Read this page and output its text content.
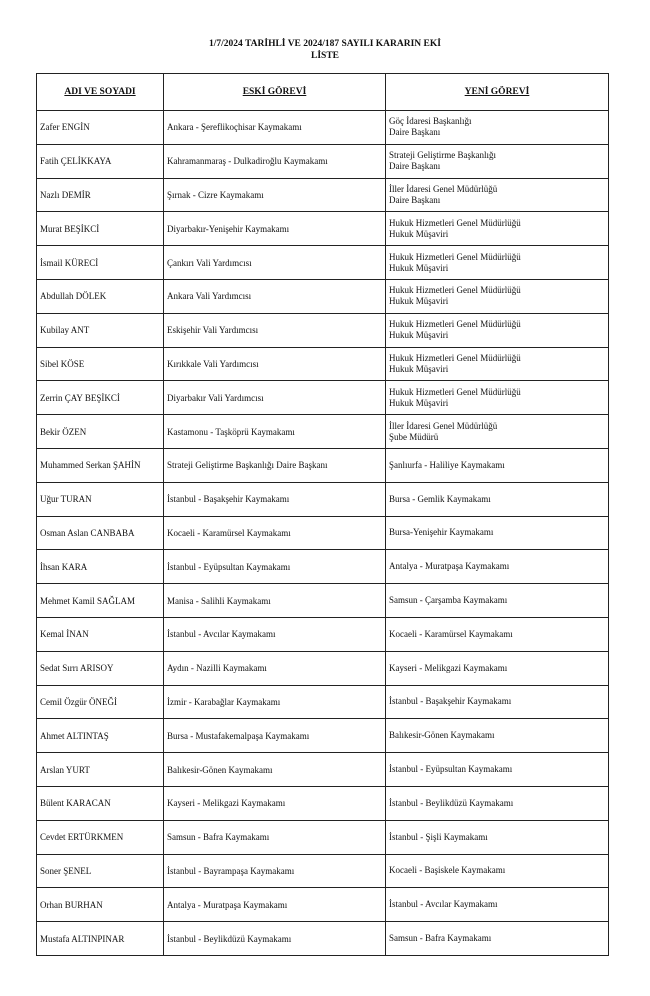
1/7/2024 TARİHLİ VE 2024/187 SAYILI KARARIN EKİ
LİSTE
ADI VE SOYADI	ESKİ GÖREVİ	YENİ GÖREVİ
Zafer ENGİN	Ankara - Şereflikoçhisar Kaymakamı	Göç İdaresi Başkanlığı
Daire Başkanı

Fatih ÇELİKKAYA	Kahramanmaraş - Dulkadiroğlu Kaymakamı	Strateji Geliştirme Başkanlığı
Daire Başkanı

Nazlı DEMİR	Şırnak - Cizre Kaymakamı	İller İdaresi Genel Müdürlüğü
Daire Başkanı

Murat BEŞİKCİ	Diyarbakır-Yenişehir Kaymakamı	Hukuk Hizmetleri Genel Müdürlüğü
Hukuk Müşaviri

İsmail KÜRECİ	Çankırı Vali Yardımcısı	Hukuk Hizmetleri Genel Müdürlüğü
Hukuk Müşaviri

Abdullah DÖLEK	Ankara Vali Yardımcısı	Hukuk Hizmetleri Genel Müdürlüğü
Hukuk Müşaviri

Kubilay ANT	Eskişehir Vali Yardımcısı	Hukuk Hizmetleri Genel Müdürlüğü
Hukuk Müşaviri

Sibel KÖSE	Kırıkkale Vali Yardımcısı	Hukuk Hizmetleri Genel Müdürlüğü
Hukuk Müşaviri

Zerrin ÇAY BEŞİKCİ	Diyarbakır Vali Yardımcısı	Hukuk Hizmetleri Genel Müdürlüğü
Hukuk Müşaviri

Bekir ÖZEN	Kastamonu - Taşköprü Kaymakamı	İller İdaresi Genel Müdürlüğü
Şube Müdürü

Muhammed Serkan ŞAHİN	Strateji Geliştirme Başkanlığı Daire Başkanı	Şanlıurfa - Haliliye Kaymakamı

Uğur TURAN	İstanbul - Başakşehir Kaymakamı	Bursa - Gemlik Kaymakamı

Osman Aslan CANBABA	Kocaeli - Karamürsel Kaymakamı	Bursa-Yenişehir Kaymakamı

İhsan KARA	İstanbul - Eyüpsultan Kaymakamı	Antalya - Muratpaşa Kaymakamı

Mehmet Kamil SAĞLAM	Manisa - Salihli Kaymakamı	Samsun - Çarşamba Kaymakamı

Kemal İNAN	İstanbul - Avcılar Kaymakamı	Kocaeli - Karamürsel Kaymakamı

Sedat Sırrı ARISOY	Aydın - Nazilli Kaymakamı	Kayseri - Melikgazi Kaymakamı

Cemil Özgür ÖNEĞİ	İzmir - Karabağlar Kaymakamı	İstanbul - Başakşehir Kaymakamı

Ahmet ALTINTAŞ	Bursa - Mustafakemalpaşa Kaymakamı	Balıkesir-Gönen Kaymakamı

Arslan YURT	Balıkesir-Gönen Kaymakamı	İstanbul - Eyüpsultan Kaymakamı

Bülent KARACAN	Kayseri - Melikgazi Kaymakamı	İstanbul - Beylikdüzü Kaymakamı

Cevdet ERTÜRKMEN	Samsun - Bafra Kaymakamı	İstanbul - Şişli Kaymakamı

Soner ŞENEL	İstanbul - Bayrampaşa Kaymakamı	Kocaeli - Başiskele Kaymakamı

Orhan BURHAN	Antalya - Muratpaşa Kaymakamı	İstanbul - Avcılar Kaymakamı

Mustafa ALTINPINAR	İstanbul - Beylikdüzü Kaymakamı	Samsun - Bafra Kaymakamı
